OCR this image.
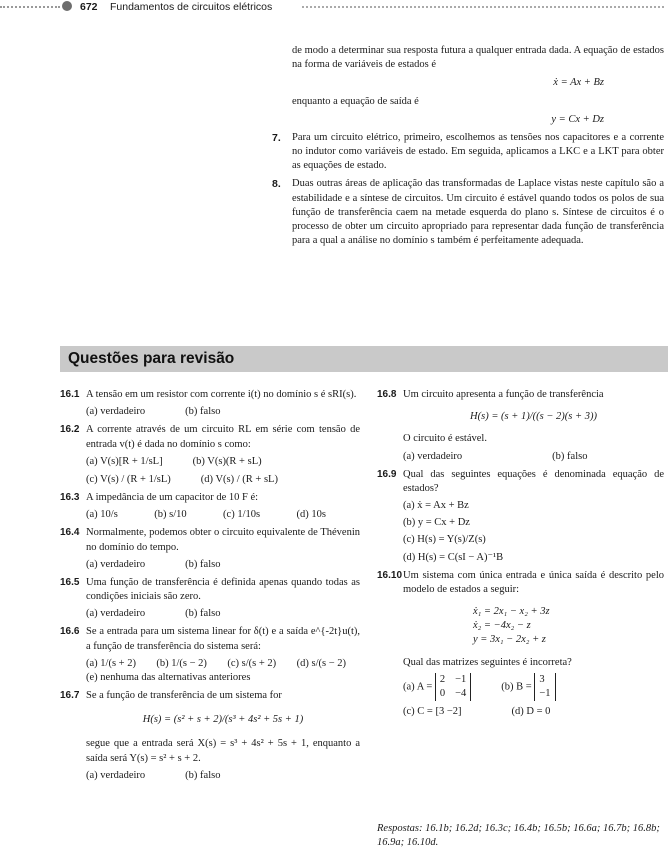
672 Fundamentos de circuitos elétricos

de modo a determinar sua resposta futura a qualquer entrada dada. A equação de estados na forma de variáveis de estados é

ẋ = Ax + Bz

enquanto a equação de saída é

y = Cx + Dz
7. Para um circuito elétrico, primeiro, escolhemos as tensões nos capacitores e a corrente no indutor como variáveis de estado. Em seguida, aplicamos a LKC e a LKT para obter as equações de estado.
8. Duas outras áreas de aplicação das transformadas de Laplace vistas neste capítulo são a estabilidade e a síntese de circuitos. Um circuito é estável quando todos os polos de sua função de transferência caem na metade esquerda do plano s. Síntese de circuitos é o processo de obter um circuito apropriado para representar dada função de transferência para a qual a análise no domínio s também é perfeitamente adequada.
Questões para revisão
16.1 A tensão em um resistor com corrente i(t) no domínio s é sRI(s).

(a) verdadeiro	(b) falso
16.2 A corrente através de um circuito RL em série com tensão de entrada v(t) é dada no domínio s como:

(a) V(s)[R + 1/sL]	(b) V(s)(R + sL)
(c) V(s) / (R + 1/sL)	(d) V(s) / (R + sL)
16.3 A impedância de um capacitor de 10 F é:

(a) 10/s	(b) s/10	(c) 1/10s	(d) 10s
16.4 Normalmente, podemos obter o circuito equivalente de Thévenin no domínio do tempo.

(a) verdadeiro	(b) falso
16.5 Uma função de transferência é definida apenas quando todas as condições iniciais são zero.

(a) verdadeiro	(b) falso
16.6 Se a entrada para um sistema linear for δ(t) e a saída e^{-2t}u(t), a função de transferência do sistema será:

(a) 1/(s + 2) (b) 1/(s − 2) (c) s/(s + 2) (d) s/(s − 2)

(e) nenhuma das alternativas anteriores

16.7 Se a função de transferência de um sistema for

H(s) = (s² + s + 2)/(s³ + 4s² + 5s + 1)

segue que a entrada será X(s) = s³ + 4s² + 5s + 1, enquanto a saída será Y(s) = s² + s + 2.

(a) verdadeiro	(b) falso
16.8 Um circuito apresenta a função de transferência

H(s) = (s + 1)/((s − 2)(s + 3))

O circuito é estável.

(a) verdadeiro	(b) falso
16.9 Qual das seguintes equações é denominada equação de estados?

(a) ẋ = Ax + Bz

(b) y = Cx + Dz

(c) H(s) = Y(s)/Z(s)

(d) H(s) = C(sI − A)⁻¹B

16.10 Um sistema com única entrada e única saída é descrito pelo modelo de estados a seguir:

ẋ₁ = 2x₁ − x₂ + 3z
ẋ₂ = −4x₂ − z
y = 3x₁ − 2x₂ + z

Qual das matrizes seguintes é incorreta?

(a) A =
2 −1
0 −4
(b) B =
3
−1
(c) C = [3 −2]	(d) D = 0
Respostas: 16.1b; 16.2d; 16.3c; 16.4b; 16.5b; 16.6a; 16.7b; 16.8b; 16.9a; 16.10d.
